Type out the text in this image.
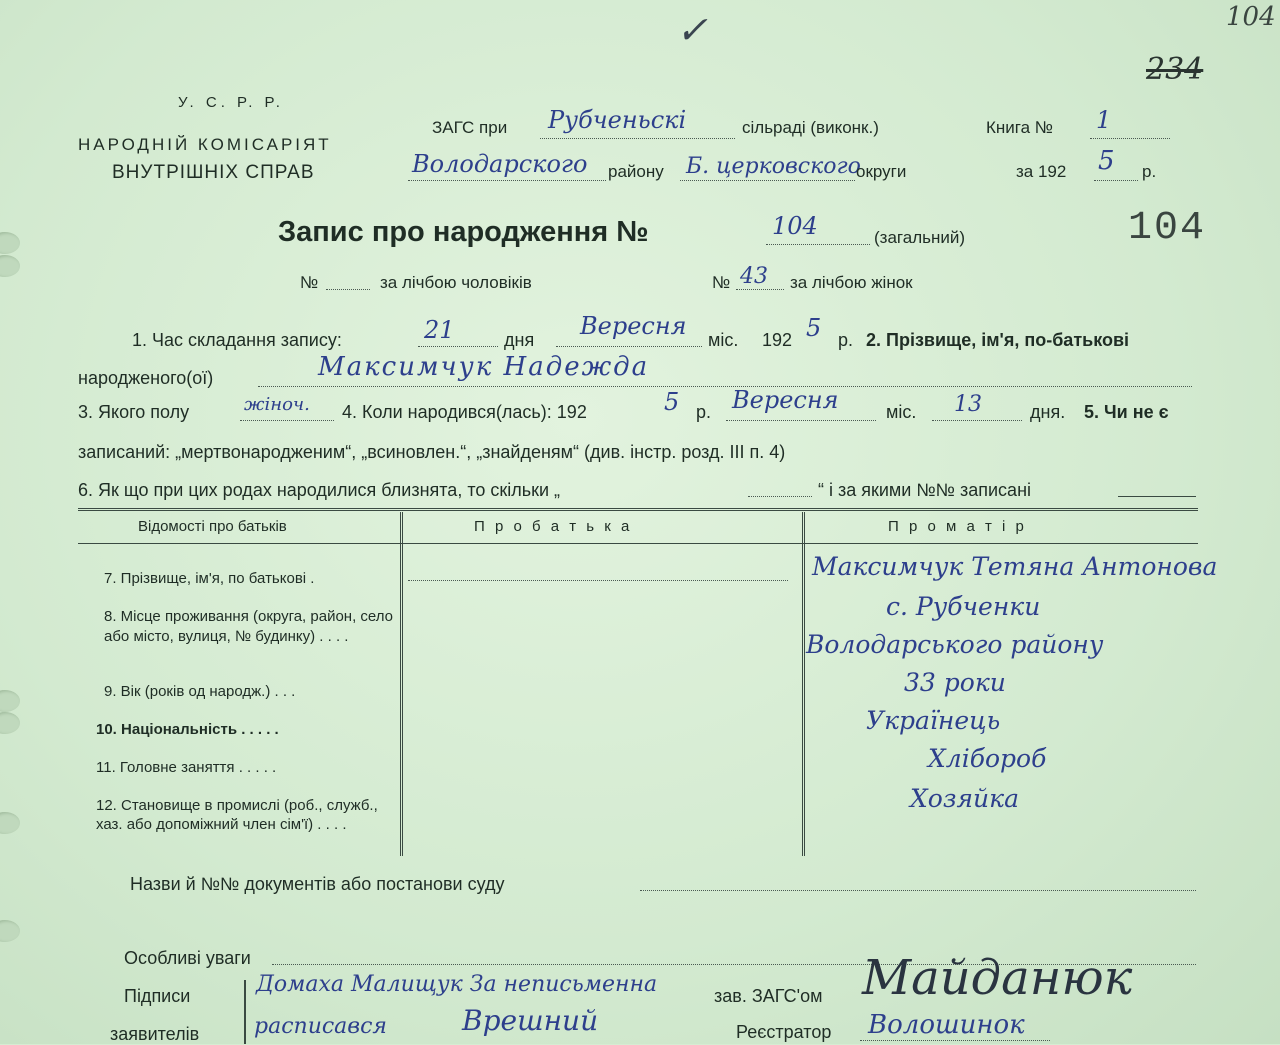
104
234
✓
104
У. С. Р. Р.
НАРОДНІЙ КОМІСАРІЯТ
ВНУТРІШНІХ СПРАВ
ЗАГС при Рубченьскі	сільраді (виконк.)	Книга № 1
Володарского району Б. церковского
округи	за 192 5 р.
Запис про народження №	104	(загальний)
№	за лічбою чоловіків	№ 43 за лічбою жінок
1. Час складання запису:	21	дня Вересня міс. 192 5 р. 2. Прізвище, ім'я, по-батькові
народженого(ої)	Максимчук Надежда
3. Якого полу	жіноч. 4. Коли народився(лась): 192	5 р. Вересня	міс. 13	дня. 5. Чи не є
записаний: „мертвонародженим“, „всиновлен.“, „знайденям“ (див. інстр. розд. III п. 4)
6. Як що при цих родах народилися близнята, то скільки „	“ і за якими №№ записані
Відомості про батьків	П р о б а т ь к а	П р о м а т і р
7. Прізвище, ім'я, по батькові .	Максимчук Тетяна Антонова
8. Місце проживання (округа, район, село або місто, вулиця, № будинку) . . . .
с. Рубченки
Володарського району
9. Вік (років од народж.) . . .	33 роки
10. Національність . . . . .	Українець
11. Головне заняття . . . . .	Хлібороб
12. Становище в промислі (роб., служб., хаз. або допоміжний член сім'ї) . . . .
Хозяйка
Назви й №№ документів або постанови суду
Особливі уваги
Підписи
заявителів
Домаха Малищук За неписьменна
расписався	Врешний
зав. ЗАГС'ом Майданюк
Реєстратор Волошинок
